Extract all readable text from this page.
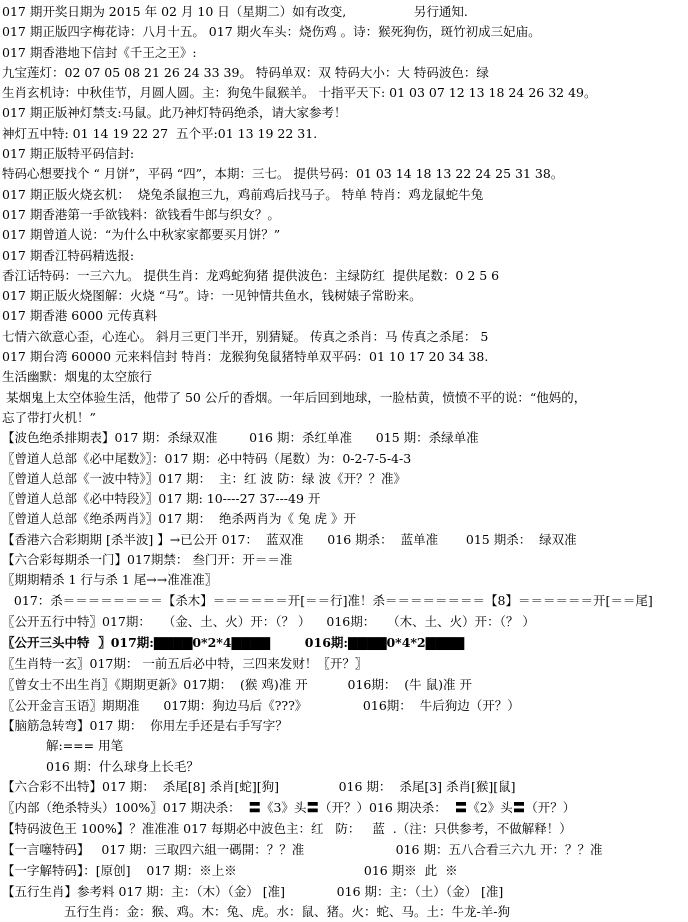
017 期开奖日期为 2015 年 02 月 10 日（星期二）如有改变,                 另行通知.
017 期正版四字梅花诗：八月十五。 017 期火车头：烧伤鸡 。诗：猴死狗伤，斑竹初成三妃庙。
017 期香港地下信封《千王之王》:
九宝莲灯：02 07 05 08 21 26 24 33 39。 特码单双：双 特码大小：大 特码波色：绿
生肖玄机诗：中秋佳节，月圆人圆。主：狗兔牛鼠猴羊。 十指平天下: 01 03 07 12 13 18 24 26 32 49。
017 期正版神灯禁支:马鼠。此乃神灯特码绝杀，请大家参考！
神灯五中特: 01 14 19 22 27  五个平:01 13 19 22 31.
017 期正版特平码信封:
特码心想要找个 “ 月饼”，平码 “四”，本期：三七。 提供号码：01 03 14 18 13 22 24 25 31 38。
017 期正版火烧玄机：  烧兔杀鼠抱三九，鸡前鸡后找马子。 特单 特肖：鸡龙鼠蛇牛兔
017 期香港第一手欲钱料：欲钱看牛郎与织女？。
017 期曾道人说：“为什么中秋家家都要买月饼？”
017 期香江特码精选报:
香江话特码：一三六九。 提供生肖：龙鸡蛇狗猪 提供波色：主绿防红  提供尾数：0 2 5 6
017 期正版火烧图解：火烧 “马”。诗：一见钟情共鱼水，钱树婊子常盼来。
017 期香港 6000 元传真料
七情六欲意心歪，心连心。 斜月三更门半开，别猜疑。 传真之杀肖：马 传真之杀尾： 5
017 期台湾 60000 元来料信封 特肖：龙猴狗兔鼠猪特单双平码：01 10 17 20 34 38.
生活幽默：烟鬼的太空旅行
某烟鬼上太空体验生活，他带了 50 公斤的香烟。一年后回到地球，一脸枯黄，愤愤不平的说：“他妈的，
忘了带打火机！”
【波色绝杀排期表】017 期：杀绿双准        016 期：杀红单准      015 期：杀绿单准
〖曾道人总部《必中尾数》〗：017 期：必中特码（尾数）为：0-2-7-5-4-3
〖曾道人总部《一波中特》〗017 期：  主：红 波 防：绿 波《开？？准》
〖曾道人总部《必中特段》〗017 期: 10----27 37---49 开
〖曾道人总部《绝杀两肖》〗017 期：  绝杀两肖为《 兔 虎 》开
【香港六合彩期期 [杀半波] 】→已公开 017：  蓝双准      016 期杀：  蓝单准       015 期杀：  绿双准
【六合彩每期杀一门】017期禁： 叁门开：开＝＝准
〖期期精杀 1 行与杀 1 尾→→准准准〗
017：杀＝＝＝＝＝＝＝＝【杀木】＝＝＝＝＝＝开[＝＝行]准！杀＝＝＝＝＝＝＝＝【8】＝＝＝＝＝＝开[＝＝尾]
〖公开五行中特〗017期：   （金、土、火）开：（？ ）    016期：   （木、土、火）开：（？ ）
〖公开三头中特  〗017期:▇▇▇▇0*2*4▇▇▇▇        016期:▇▇▇▇0*4*2▇▇▇▇
〖生肖特一玄〗017期： 一前五后必中特，三四来发财！〖开？〗
〖曾女士不出生肖〗《期期更新》017期：  (猴 鸡)准 开          016期：  (牛 鼠)准 开
〖公开金言玉语〗期期准      017期：狗边马后《???》              016期：  牛后狗边（开？）
【脑筋急转弯】017 期：  你用左手还是右手写字？
解:=== 用笔
016 期：什么球身上长毛？
【六合彩不出特】017 期：  杀尾[8] 杀肖[蛇][狗]               016 期：  杀尾[3] 杀肖[猴][鼠]
〖内部（绝杀特头）100%〗017 期决杀：  〓《3》头〓（开？）016 期决杀：  〓《2》头〓（开？）
【特码波色王 100%】？准准准 017 每期必中波色主：红   防：   蓝  .（注：只供参考，不做解释！）
【一言噻特码】   017 期：三取四六組一碼開：？？准                       016 期：五八合看三六九 开：？？准
【一字解特码】：[原创]    017 期：※上※                                016 期※  此  ※
【五行生肖】参考料 017 期：主：（木）（金） [准]             016 期：主：（土）（金） [准]
五行生肖：金：猴、鸡。木：兔、虎。水：鼠、猪。火：蛇、马。土：牛龙-羊-狗
